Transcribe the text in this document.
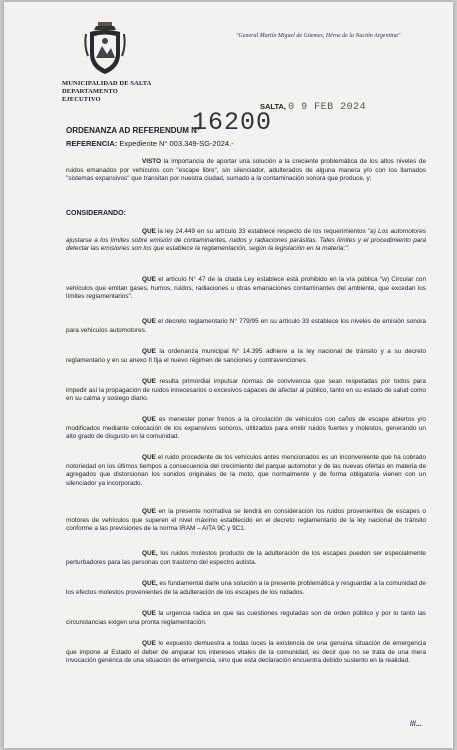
MUNICIPALIDAD DE SALTA
DEPARTAMENTO EJECUTIVO
"General Martín Miguel de Güemes, Héroe de la Nación Argentina"
SALTA, 0 9 FEB 2024
ORDENANZA AD REFERENDUM N°
16200
REFERENCIA: Expediente N° 003.349-SG-2024.-
VISTO la importancia de aportar una solución a la creciente problemática de los altos niveles de ruidos emanados por vehículos con "escape libre", sin silenciador, adulterados de alguna manera y/o con los llamados "sistemas expansivos" que transitan por nuestra ciudad, sumado a la contaminación sonora que produce, y;
CONSIDERANDO:
QUE la ley 24.449 en su artículo 33 establece respecto de los requerimientos "a) Los automotores ajustarse a los límites sobre emisión de contaminantes, ruidos y radiaciones parásitas. Tales límites y el procedimiento para detectar las emisiones son los que establece la reglamentación, según la legislación en la materia;".
QUE el artículo N° 47 de la citada Ley establece está prohibido en la vía pública "w) Circular con vehículos que emitan gases, humos, ruidos, radiaciones u otras emanaciones contaminantes del ambiente, que excedan los límites reglamentarios".
QUE el decreto reglamentario N° 779/95 en su artículo 33 establece los niveles de emisión sonora para vehículos automotores.
QUE la ordenanza municipal N° 14.395 adhiere a la ley nacional de tránsito y a su decreto reglamentario y en su anexo II fija el nuevo régimen de sanciones y contravenciones.
QUE resulta primordial impulsar normas de convivencia que sean respetadas por todos para impedir así la propagación de ruidos innecesarios o excesivos capaces de afectar al público, tanto en su estado de salud como en su calma y sosiego diario.
QUE es menester poner frenos a la circulación de vehículos con caños de escape abiertos y/o modificados mediante colocación de los expansivos sonoros, utilizados para emitir ruidos fuertes y molestos, generando un alto grado de disgusto en la comunidad.
QUE el ruido procedente de los vehículos antes mencionados es un inconveniente que ha cobrado notoriedad en los últimos tiempos a consecuencia del crecimiento del parque automotor y de las nuevas ofertas en materia de agregados que distorsionan los sonidos originales de la moto, que normalmente y de forma obligatoria vienen con un silenciador ya incorporado.
QUE en la presente normativa se tendrá en consideración los ruidos provenientes de escapes o motores de vehículos que superen el nivel máximo establecido en el decreto reglamentario de la ley nacional de tránsito conforme a las previsiones de la norma IRAM – AITA 9C y 9C1.
QUE, los ruidos molestos producto de la adulteración de los escapes pueden ser especialmente perturbadores para las personas con trastorno del espectro autista.
QUE, es fundamental darle una solución a la presente problemática y resguardar a la comunidad de los efectos molestos provenientes de la adulteración de los escapes de los rodados.
QUE la urgencia radica en que las cuestiones reguladas son de orden público y por lo tanto las circunstancias exigen una pronta reglamentación.
QUE lo expuesto demuestra a todas luces la existencia de una genuina situación de emergencia que impone al Estado el deber de amparar los intereses vitales de la comunidad, es decir que no se trata de una mera invocación genérica de una situación de emergencia, sino que esta declaración encuentra debido sustento en la realidad.
///...
